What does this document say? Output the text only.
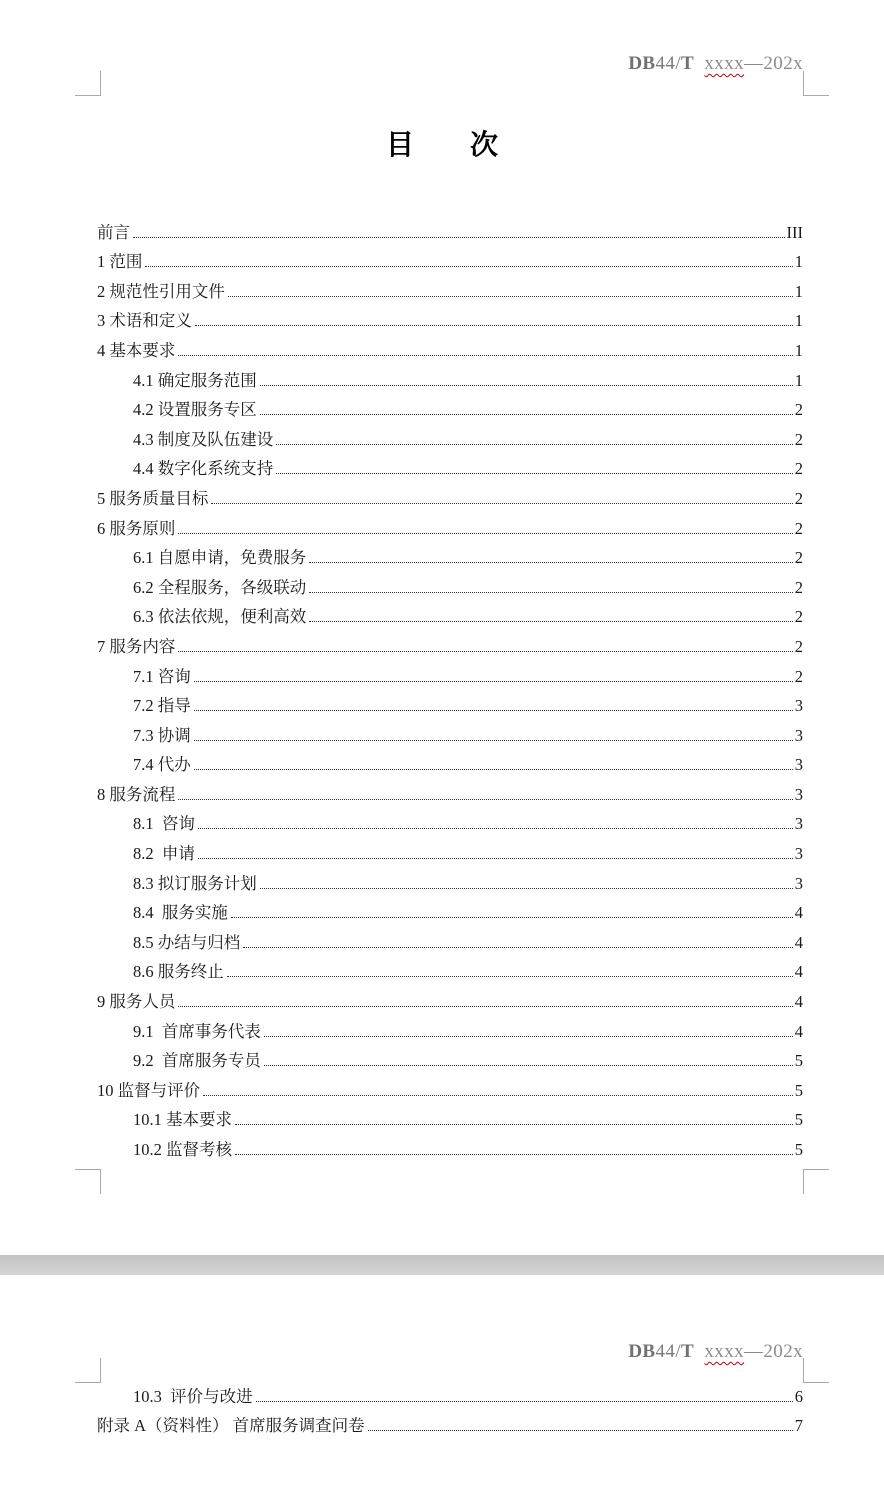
DB44/T xxxx—202x

目　　次
前言	III
1 范围	1
2 规范性引用文件	1
3 术语和定义	1
4 基本要求	1
4.1 确定服务范围	1
4.2 设置服务专区	2
4.3 制度及队伍建设	2
4.4 数字化系统支持	2
5 服务质量目标	2
6 服务原则	2
6.1 自愿申请，免费服务	2
6.2 全程服务，各级联动	2
6.3 依法依规，便利高效	2
7 服务内容	2
7.1 咨询	2
7.2 指导	3
7.3 协调	3
7.4 代办	3
8 服务流程	3
8.1  咨询	3
8.2  申请	3
8.3 拟订服务计划	3
8.4  服务实施	4
8.5 办结与归档	4
8.6 服务终止	4
9 服务人员	4
9.1  首席事务代表	4
9.2  首席服务专员	5
10 监督与评价	5
10.1 基本要求	5
10.2 监督考核	5
DB44/T xxxx—202x

10.3  评价与改进	6
附录 A（资料性） 首席服务调查问卷	7
